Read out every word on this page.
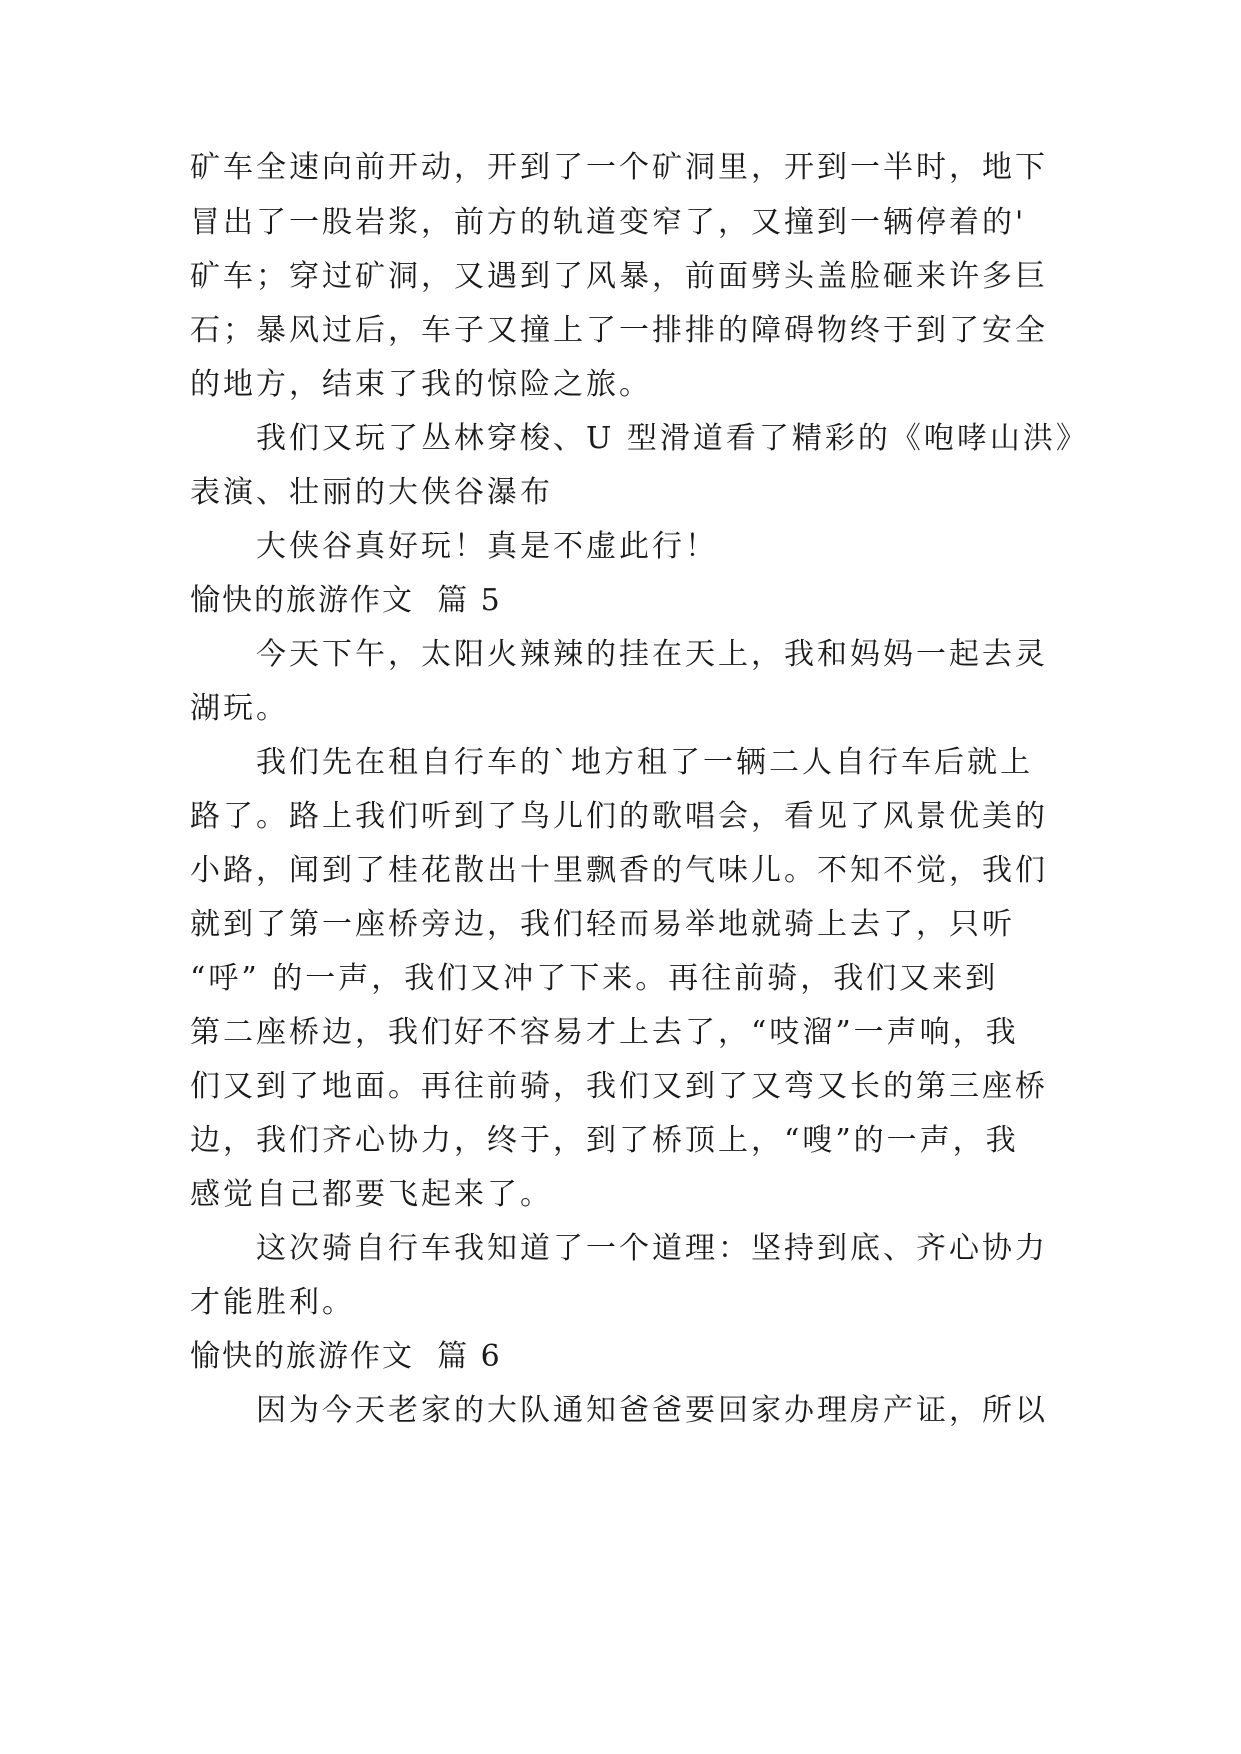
矿车全速向前开动，开到了一个矿洞里，开到一半时，地下
冒出了一股岩浆，前方的轨道变窄了，又撞到一辆停着的'
矿车；穿过矿洞，又遇到了风暴，前面劈头盖脸砸来许多巨
石；暴风过后，车子又撞上了一排排的障碍物终于到了安全
的地方，结束了我的惊险之旅。
我们又玩了丛林穿梭、U 型滑道看了精彩的《咆哮山洪》
表演、壮丽的大侠谷瀑布
大侠谷真好玩！真是不虚此行！
愉快的旅游作文  篇 5
今天下午，太阳火辣辣的挂在天上，我和妈妈一起去灵
湖玩。
我们先在租自行车的`地方租了一辆二人自行车后就上
路了。路上我们听到了鸟儿们的歌唱会，看见了风景优美的
小路，闻到了桂花散出十里飘香的气味儿。不知不觉，我们
就到了第一座桥旁边，我们轻而易举地就骑上去了，只听
“呼” 的一声，我们又冲了下来。再往前骑，我们又来到
第二座桥边，我们好不容易才上去了，“吱溜”一声响，我
们又到了地面。再往前骑，我们又到了又弯又长的第三座桥
边，我们齐心协力，终于，到了桥顶上，“嗖”的一声，我
感觉自己都要飞起来了。
这次骑自行车我知道了一个道理：坚持到底、齐心协力
才能胜利。
愉快的旅游作文  篇 6
因为今天老家的大队通知爸爸要回家办理房产证，所以
